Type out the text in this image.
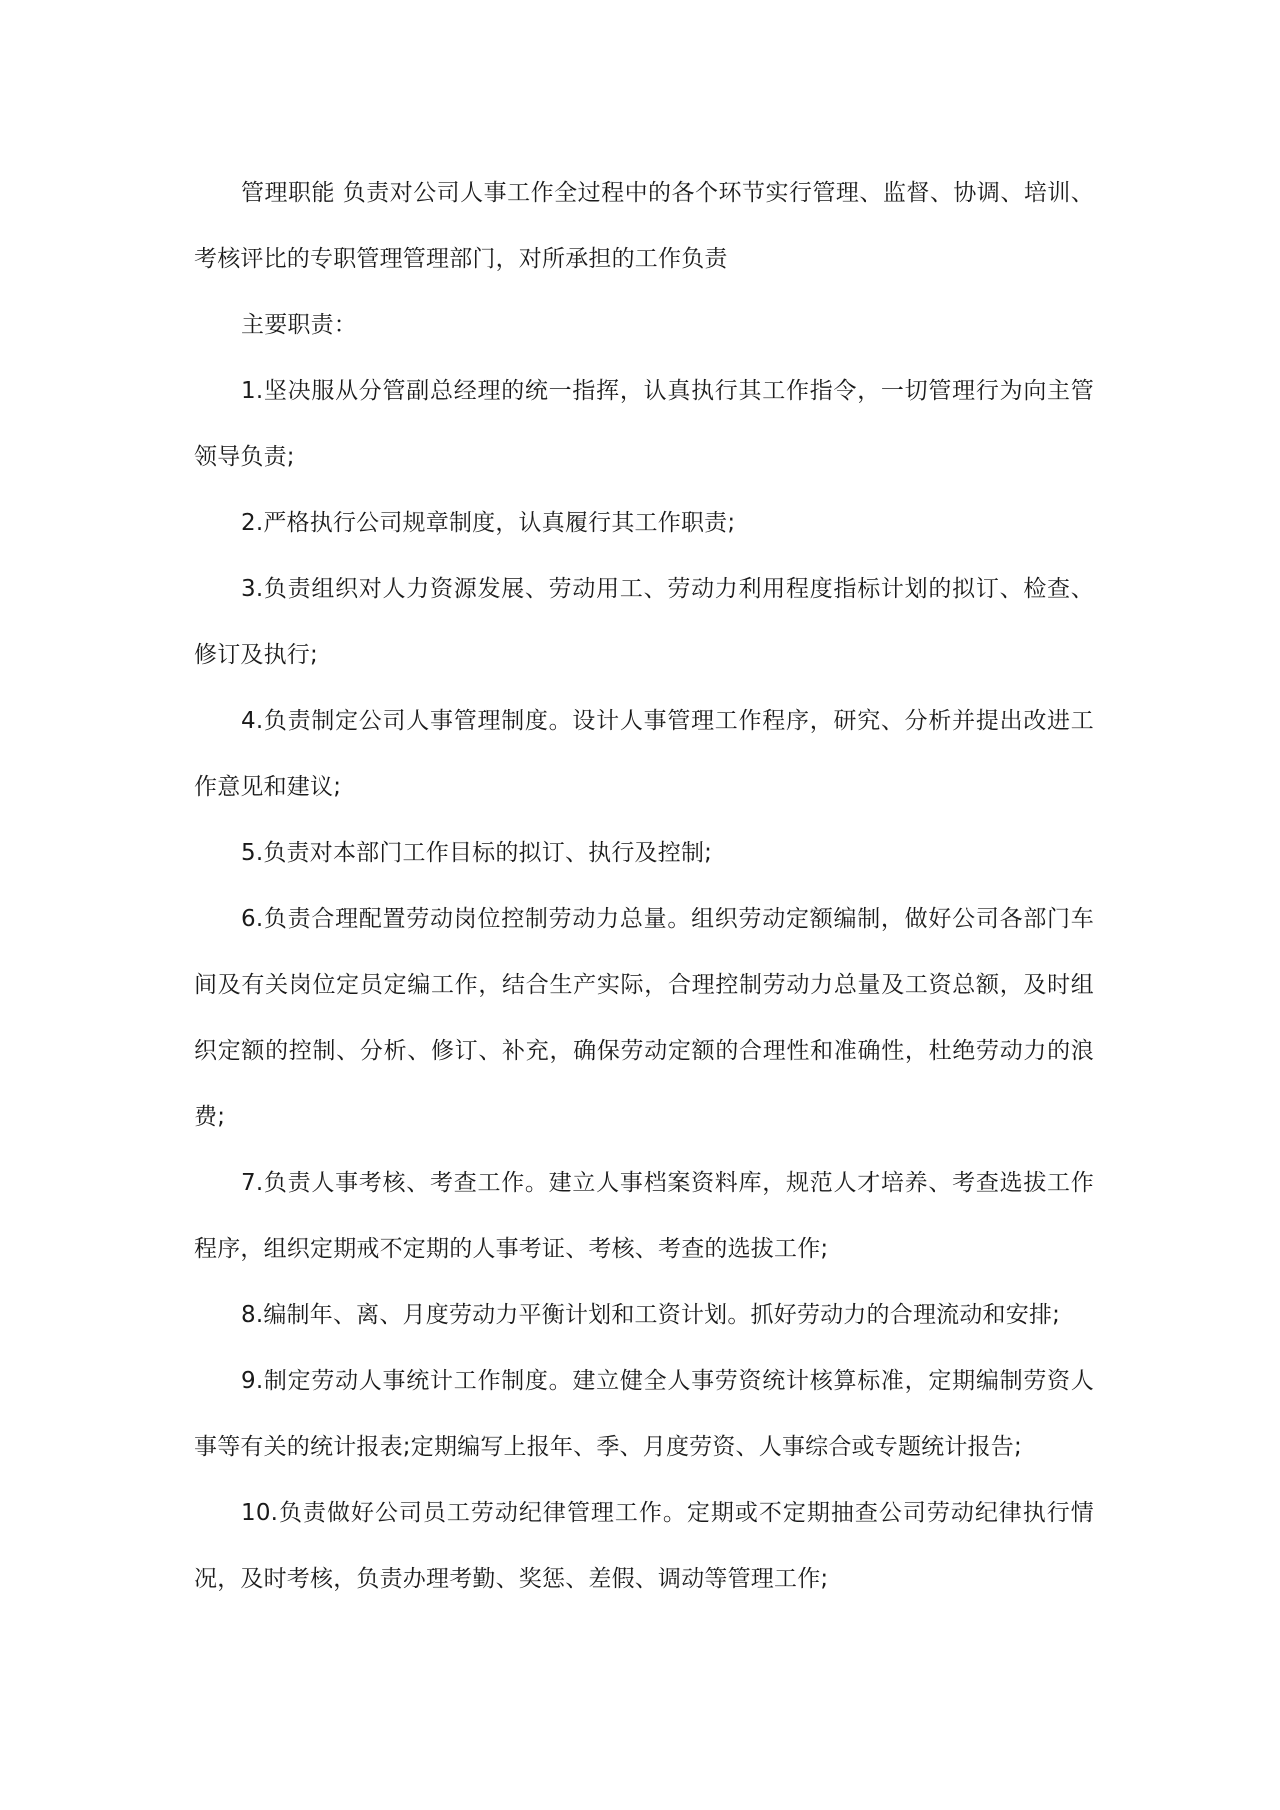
管理职能 负责对公司人事工作全过程中的各个环节实行管理、监督、协调、培训、考核评比的专职管理管理部门，对所承担的工作负责

主要职责：

1.坚决服从分管副总经理的统一指挥，认真执行其工作指令，一切管理行为向主管领导负责;

2.严格执行公司规章制度，认真履行其工作职责;

3.负责组织对人力资源发展、劳动用工、劳动力利用程度指标计划的拟订、检查、修订及执行;

4.负责制定公司人事管理制度。设计人事管理工作程序，研究、分析并提出改进工作意见和建议;

5.负责对本部门工作目标的拟订、执行及控制;

6.负责合理配置劳动岗位控制劳动力总量。组织劳动定额编制，做好公司各部门车间及有关岗位定员定编工作，结合生产实际，合理控制劳动力总量及工资总额，及时组织定额的控制、分析、修订、补充，确保劳动定额的合理性和准确性，杜绝劳动力的浪费;

7.负责人事考核、考查工作。建立人事档案资料库，规范人才培养、考查选拔工作程序，组织定期戒不定期的人事考证、考核、考查的选拔工作;

8.编制年、离、月度劳动力平衡计划和工资计划。抓好劳动力的合理流动和安排;

9.制定劳动人事统计工作制度。建立健全人事劳资统计核算标准，定期编制劳资人事等有关的统计报表;定期编写上报年、季、月度劳资、人事综合或专题统计报告;

10.负责做好公司员工劳动纪律管理工作。定期或不定期抽查公司劳动纪律执行情况，及时考核，负责办理考勤、奖惩、差假、调动等管理工作;
